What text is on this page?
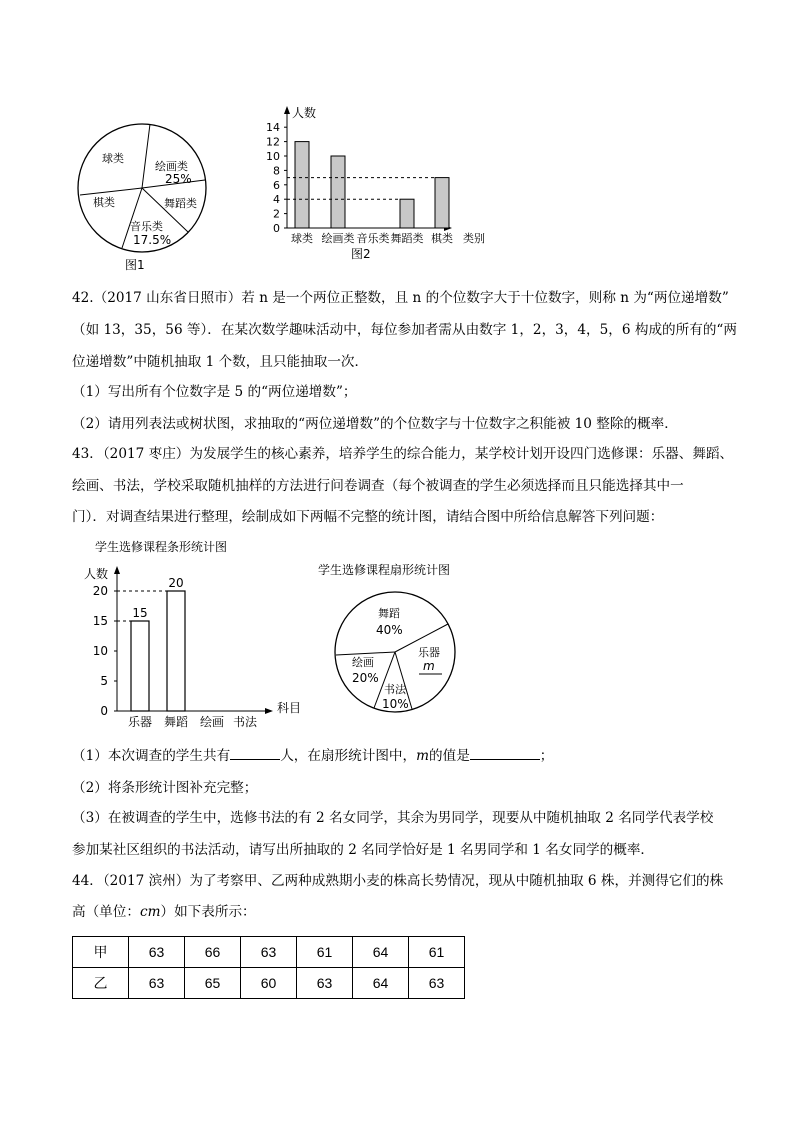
球类
绘画类
25%
棋类	舞蹈类
音乐类
17.5%
图1
人数
类别
图2
0
2
4
6
8
10
12
14
球类 绘画类 音乐类 舞蹈类 棋类
42.（2017 山东省日照市）若 n 是一个两位正整数，且 n 的个位数字大于十位数字，则称 n 为“两位递增数”
（如 13，35，56 等）．在某次数学趣味活动中，每位参加者需从由数字 1，2，3，4，5，6 构成的所有的“两
位递增数”中随机抽取 1 个数，且只能抽取一次．
（1）写出所有个位数字是 5 的“两位递增数”；
（2）请用列表法或树状图，求抽取的“两位递增数”的个位数字与十位数字之积能被 10 整除的概率．
43．（2017 枣庄）为发展学生的核心素养，培养学生的综合能力，某学校计划开设四门选修课：乐器、舞蹈、
绘画、书法，学校采取随机抽样的方法进行问卷调查（每个被调查的学生必须选择而且只能选择其中一
门）．对调查结果进行整理，绘制成如下两幅不完整的统计图，请结合图中所给信息解答下列问题：
学生选修课程条形统计图
人数
科目
0
5
10
15
20
15
20
乐器 舞蹈 绘画 书法
学生选修课程扇形统计图
舞蹈
40%
乐器
m
绘画
20%
书法
10%
（1）本次调查的学生共有	人，在扇形统计图中，m的值是	；
（2）将条形统计图补充完整；
（3）在被调查的学生中，选修书法的有 2 名女同学，其余为男同学，现要从中随机抽取 2 名同学代表学校
参加某社区组织的书法活动，请写出所抽取的 2 名同学恰好是 1 名男同学和 1 名女同学的概率．
44．（2017 滨州）为了考察甲、乙两种成熟期小麦的株高长势情况，现从中随机抽取 6 株，并测得它们的株
高（单位：cm）如下表所示：
甲	63	66	63	61	64	61
乙	63	65	60	63	64	63
